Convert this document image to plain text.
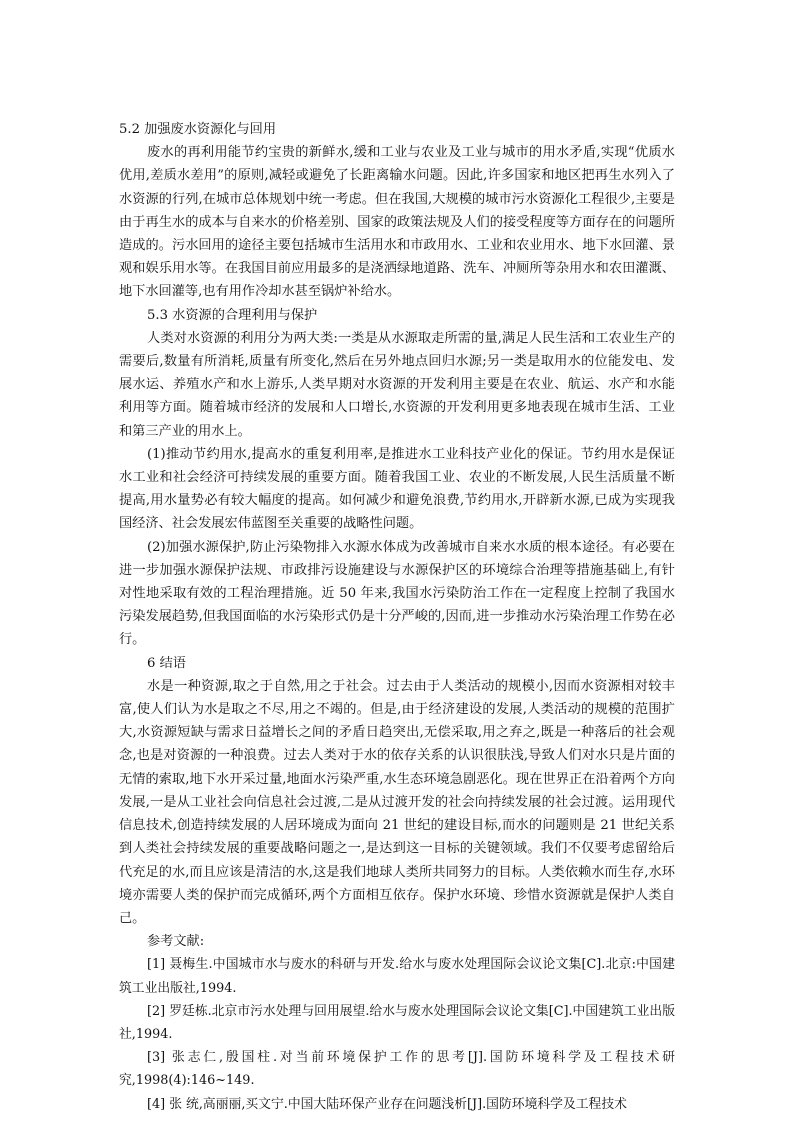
5.2 加强废水资源化与回用

废水的再利用能节约宝贵的新鲜水,缓和工业与农业及工业与城市的用水矛盾,实现“优质水优用,差质水差用”的原则,减轻或避免了长距离输水问题。因此,许多国家和地区把再生水列入了水资源的行列,在城市总体规划中统一考虑。但在我国,大规模的城市污水资源化工程很少,主要是由于再生水的成本与自来水的价格差别、国家的政策法规及人们的接受程度等方面存在的问题所造成的。污水回用的途径主要包括城市生活用水和市政用水、工业和农业用水、地下水回灌、景观和娱乐用水等。在我国目前应用最多的是浇洒绿地道路、洗车、冲厕所等杂用水和农田灌溉、地下水回灌等,也有用作冷却水甚至锅炉补给水。

5.3 水资源的合理利用与保护

人类对水资源的利用分为两大类:一类是从水源取走所需的量,满足人民生活和工农业生产的需要后,数量有所消耗,质量有所变化,然后在另外地点回归水源;另一类是取用水的位能发电、发展水运、养殖水产和水上游乐,人类早期对水资源的开发利用主要是在农业、航运、水产和水能利用等方面。随着城市经济的发展和人口增长,水资源的开发利用更多地表现在城市生活、工业和第三产业的用水上。

(1)推动节约用水,提高水的重复利用率,是推进水工业科技产业化的保证。节约用水是保证水工业和社会经济可持续发展的重要方面。随着我国工业、农业的不断发展,人民生活质量不断提高,用水量势必有较大幅度的提高。如何减少和避免浪费,节约用水,开辟新水源,已成为实现我国经济、社会发展宏伟蓝图至关重要的战略性问题。

(2)加强水源保护,防止污染物排入水源水体成为改善城市自来水水质的根本途径。有必要在进一步加强水源保护法规、市政排污设施建设与水源保护区的环境综合治理等措施基础上,有针对性地采取有效的工程治理措施。近 50 年来,我国水污染防治工作在一定程度上控制了我国水污染发展趋势,但我国面临的水污染形式仍是十分严峻的,因而,进一步推动水污染治理工作势在必行。

6 结语

水是一种资源,取之于自然,用之于社会。过去由于人类活动的规模小,因而水资源相对较丰富,使人们认为水是取之不尽,用之不竭的。但是,由于经济建设的发展,人类活动的规模的范围扩大,水资源短缺与需求日益增长之间的矛盾日趋突出,无偿采取,用之弃之,既是一种落后的社会观念,也是对资源的一种浪费。过去人类对于水的依存关系的认识很肤浅,导致人们对水只是片面的无情的索取,地下水开采过量,地面水污染严重,水生态环境急剧恶化。现在世界正在沿着两个方向发展,一是从工业社会向信息社会过渡,二是从过渡开发的社会向持续发展的社会过渡。运用现代信息技术,创造持续发展的人居环境成为面向 21 世纪的建设目标,而水的问题则是 21 世纪关系到人类社会持续发展的重要战略问题之一,是达到这一目标的关键领域。我们不仅要考虑留给后代充足的水,而且应该是清洁的水,这是我们地球人类所共同努力的目标。人类依赖水而生存,水环境亦需要人类的保护而完成循环,两个方面相互依存。保护水环境、珍惜水资源就是保护人类自己。

参考文献:

[1] 聂梅生.中国城市水与废水的科研与开发.给水与废水处理国际会议论文集[C].北京:中国建筑工业出版社,1994.

[2] 罗廷栋.北京市污水处理与回用展望.给水与废水处理国际会议论文集[C].中国建筑工业出版社,1994.

[3] 张志仁,殷国柱.对当前环境保护工作的思考[J].国防环境科学及工程技术研究,1998(4):146~149.

[4] 张 统,高丽丽,买文宁.中国大陆环保产业存在问题浅析[J].国防环境科学及工程技术
